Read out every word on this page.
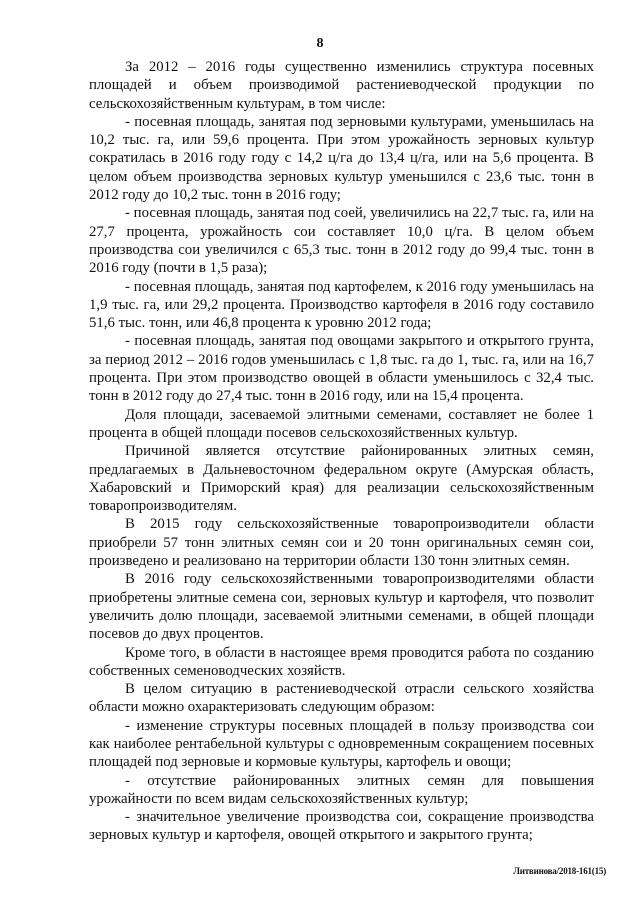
8

За 2012 – 2016 годы существенно изменились структура посевных площадей и объем производимой растениеводческой продукции по сельскохозяйственным культурам, в том числе:

- посевная площадь, занятая под зерновыми культурами, уменьшилась на 10,2 тыс. га, или 59,6 процента. При этом урожайность зерновых культур сократилась в 2016 году году с 14,2 ц/га до 13,4 ц/га, или на 5,6 процента. В целом объем производства зерновых культур уменьшился с 23,6 тыс. тонн в 2012 году до 10,2 тыс. тонн в 2016 году;

- посевная площадь, занятая под соей, увеличились на 22,7 тыс. га, или на 27,7 процента, урожайность сои составляет 10,0 ц/га. В целом объем производства сои увеличился с 65,3 тыс. тонн в 2012 году до 99,4 тыс. тонн в 2016 году (почти в 1,5 раза);

- посевная площадь, занятая под картофелем, к 2016 году уменьшилась на 1,9 тыс. га, или 29,2 процента. Производство картофеля в 2016 году составило 51,6 тыс. тонн, или 46,8 процента к уровню 2012 года;

- посевная площадь, занятая под овощами закрытого и открытого грунта, за период 2012 – 2016 годов уменьшилась с 1,8 тыс. га до 1, тыс. га, или на 16,7 процента. При этом производство овощей в области уменьшилось с 32,4 тыс. тонн в 2012 году до 27,4 тыс. тонн в 2016 году, или на 15,4 процента.

Доля площади, засеваемой элитными семенами, составляет не более 1 процента в общей площади посевов сельскохозяйственных культур.

Причиной является отсутствие районированных элитных семян, предлагаемых в Дальневосточном федеральном округе (Амурская область, Хабаровский и Приморский края) для реализации сельскохозяйственным товаропроизводителям.

В 2015 году сельскохозяйственные товаропроизводители области приобрели 57 тонн элитных семян сои и 20 тонн оригинальных семян сои, произведено и реализовано на территории области 130 тонн элитных семян.

В 2016 году сельскохозяйственными товаропроизводителями области приобретены элитные семена сои, зерновых культур и картофеля, что позволит увеличить долю площади, засеваемой элитными семенами, в общей площади посевов до двух процентов.

Кроме того, в области в настоящее время проводится работа по созданию собственных семеноводческих хозяйств.

В целом ситуацию в растениеводческой отрасли сельского хозяйства области можно охарактеризовать следующим образом:

- изменение структуры посевных площадей в пользу производства сои как наиболее рентабельной культуры с одновременным сокращением посевных площадей под зерновые и кормовые культуры, картофель и овощи;

- отсутствие районированных элитных семян для повышения урожайности по всем видам сельскохозяйственных культур;

- значительное увеличение производства сои, сокращение производства зерновых культур и картофеля, овощей открытого и закрытого грунта;

Литвинова/2018-161(15)
